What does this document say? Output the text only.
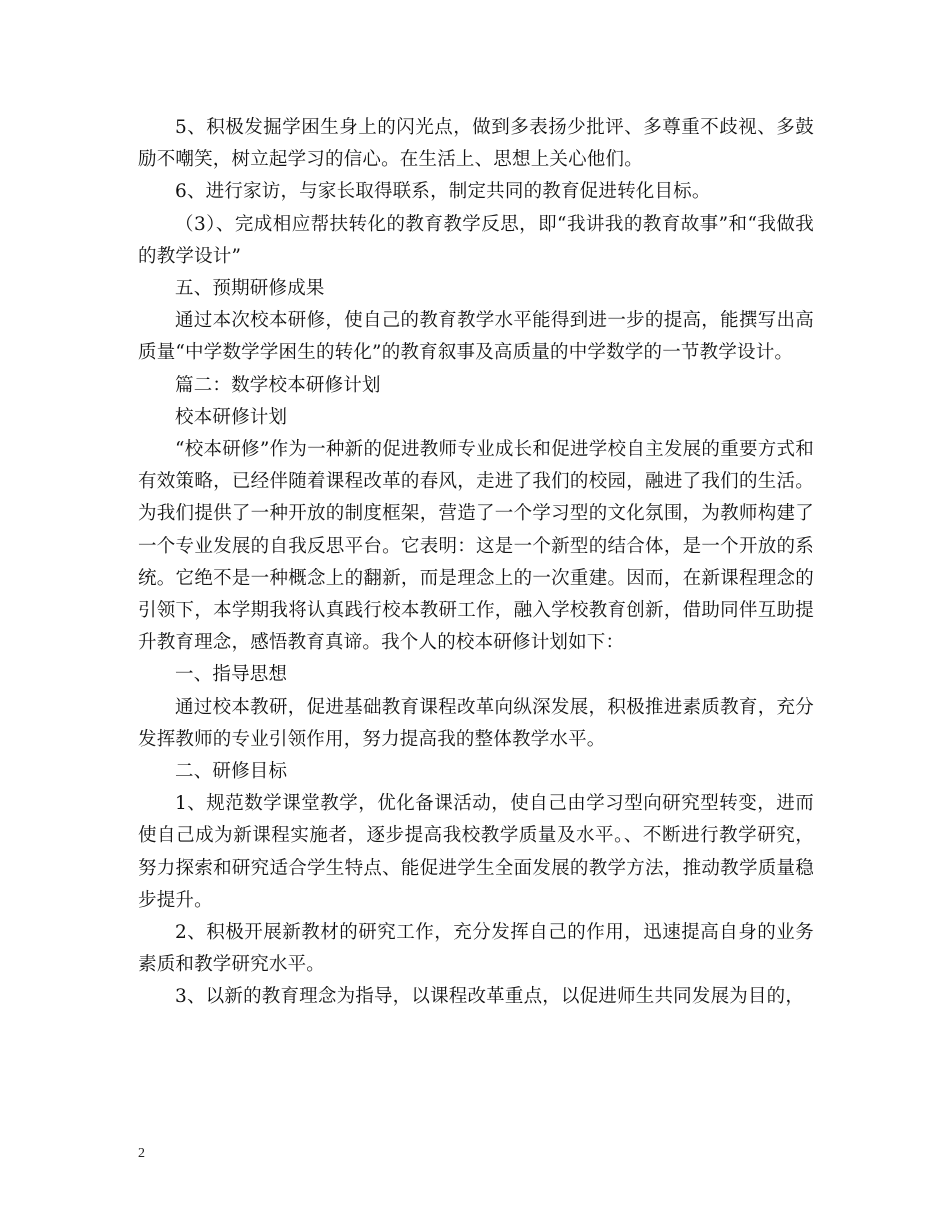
5、积极发掘学困生身上的闪光点，做到多表扬少批评、多尊重不歧视、多鼓励不嘲笑，树立起学习的信心。在生活上、思想上关心他们。

6、进行家访，与家长取得联系，制定共同的教育促进转化目标。

（3）、完成相应帮扶转化的教育教学反思，即“我讲我的教育故事”和“我做我的教学设计”

五、预期研修成果

通过本次校本研修，使自己的教育教学水平能得到进一步的提高，能撰写出高质量“中学数学学困生的转化”的教育叙事及高质量的中学数学的一节教学设计。

篇二：数学校本研修计划

校本研修计划

“校本研修”作为一种新的促进教师专业成长和促进学校自主发展的重要方式和有效策略，已经伴随着课程改革的春风，走进了我们的校园，融进了我们的生活。为我们提供了一种开放的制度框架，营造了一个学习型的文化氛围，为教师构建了一个专业发展的自我反思平台。它表明：这是一个新型的结合体，是一个开放的系统。它绝不是一种概念上的翻新，而是理念上的一次重建。因而，在新课程理念的引领下，本学期我将认真践行校本教研工作，融入学校教育创新，借助同伴互助提升教育理念，感悟教育真谛。我个人的校本研修计划如下：

一、指导思想

通过校本教研，促进基础教育课程改革向纵深发展，积极推进素质教育，充分发挥教师的专业引领作用，努力提高我的整体教学水平。

二、研修目标

1、规范数学课堂教学，优化备课活动，使自己由学习型向研究型转变，进而使自己成为新课程实施者，逐步提高我校教学质量及水平。、不断进行教学研究，努力探索和研究适合学生特点、能促进学生全面发展的教学方法，推动教学质量稳步提升。

2、积极开展新教材的研究工作，充分发挥自己的作用，迅速提高自身的业务素质和教学研究水平。

3、以新的教育理念为指导，以课程改革重点，以促进师生共同发展为目的，

2
